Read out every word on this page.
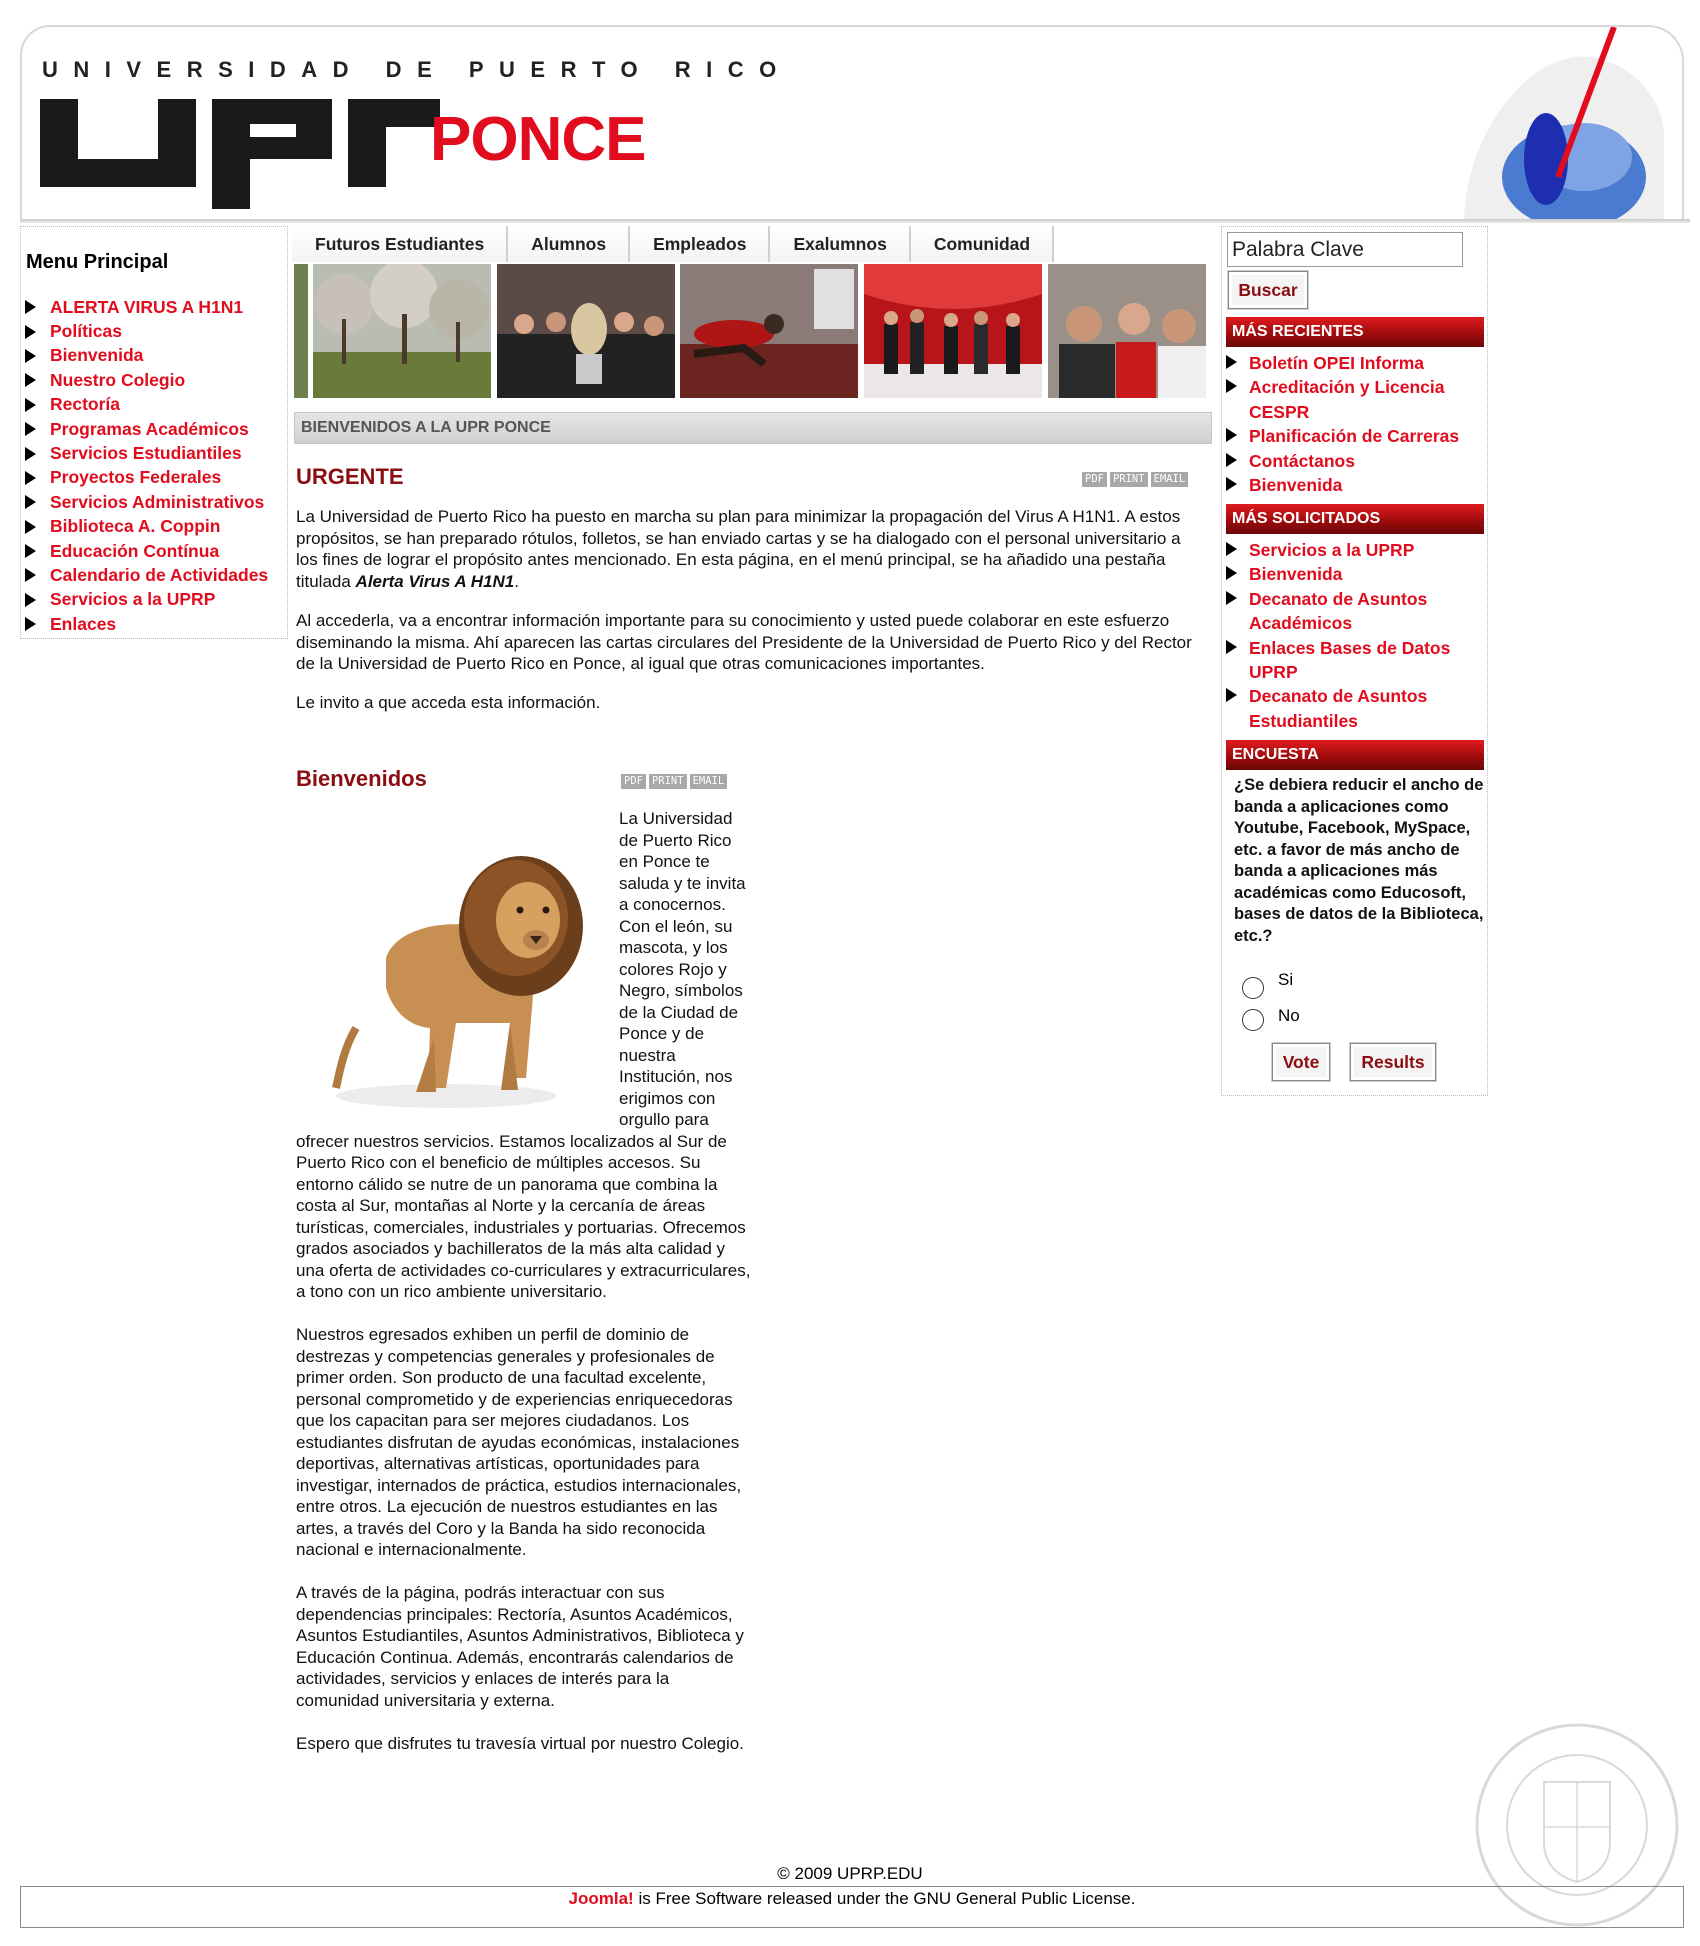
UNIVERSIDAD DE PUERTO RICO
PONCE
Menu Principal
ALERTA VIRUS A H1N1
Políticas
Bienvenida
Nuestro Colegio
Rectoría
Programas Académicos
Servicios Estudiantiles
Proyectos Federales
Servicios Administrativos
Biblioteca A. Coppin
Educación Contínua
Calendario de Actividades
Servicios a la UPRP
Enlaces
Futuros Estudiantes	Alumnos	Empleados	Exalumnos	Comunidad
BIENVENIDOS A LA UPR PONCE
URGENTE	PDF PRINT EMAIL
La Universidad de Puerto Rico ha puesto en marcha su plan para minimizar la propagación del Virus A H1N1. A estos propósitos, se han preparado rótulos, folletos, se han enviado cartas y se ha dialogado con el personal universitario a los fines de lograr el propósito antes mencionado. En esta página, en el menú principal, se ha añadido una pestaña titulada Alerta Virus A H1N1.
Al accederla, va a encontrar información importante para su conocimiento y usted puede colaborar en este esfuerzo diseminando la misma. Ahí aparecen las cartas circulares del Presidente de la Universidad de Puerto Rico y del Rector de la Universidad de Puerto Rico en Ponce, al igual que otras comunicaciones importantes.
Le invito a que acceda esta información.
Bienvenidos	PDF PRINT EMAIL

La Universidad de Puerto Rico en Ponce te saluda y te invita a conocernos. Con el león, su mascota, y los colores Rojo y Negro, símbolos de la Ciudad de Ponce y de nuestra Institución, nos erigimos con orgullo para ofrecer nuestros servicios. Estamos localizados al Sur de Puerto Rico con el beneficio de múltiples accesos. Su entorno cálido se nutre de un panorama que combina la costa al Sur, montañas al Norte y la cercanía de áreas turísticas, comerciales, industriales y portuarias. Ofrecemos grados asociados y bachilleratos de la más alta calidad y una oferta de actividades co-curriculares y extracurriculares, a tono con un rico ambiente universitario.

Nuestros egresados exhiben un perfil de dominio de destrezas y competencias generales y profesionales de primer orden. Son producto de una facultad excelente, personal comprometido y de experiencias enriquecedoras que los capacitan para ser mejores ciudadanos. Los estudiantes disfrutan de ayudas económicas, instalaciones deportivas, alternativas artísticas, oportunidades para investigar, internados de práctica, estudios internacionales, entre otros. La ejecución de nuestros estudiantes en las artes, a través del Coro y la Banda ha sido reconocida nacional e internacionalmente.

A través de la página, podrás interactuar con sus dependencias principales: Rectoría, Asuntos Académicos, Asuntos Estudiantiles, Asuntos Administrativos, Biblioteca y Educación Continua. Además, encontrarás calendarios de actividades, servicios y enlaces de interés para la comunidad universitaria y externa.

Espero que disfrutes tu travesía virtual por nuestro Colegio.

Palabra Clave
Buscar
MÁS RECIENTES
Boletín OPEI Informa
Acreditación y Licencia CESPR
Planificación de Carreras
Contáctanos
Bienvenida
MÁS SOLICITADOS
Servicios a la UPRP
Bienvenida
Decanato de Asuntos Académicos
Enlaces Bases de Datos UPRP
Decanato de Asuntos Estudiantiles
ENCUESTA
¿Se debiera reducir el ancho de banda a aplicaciones como Youtube, Facebook, MySpace, etc. a favor de más ancho de banda a aplicaciones más académicas como Educosoft, bases de datos de la Biblioteca, etc.?
Si
No
Vote	Results
© 2009 UPRP.EDU
Joomla! is Free Software released under the GNU General Public License.
